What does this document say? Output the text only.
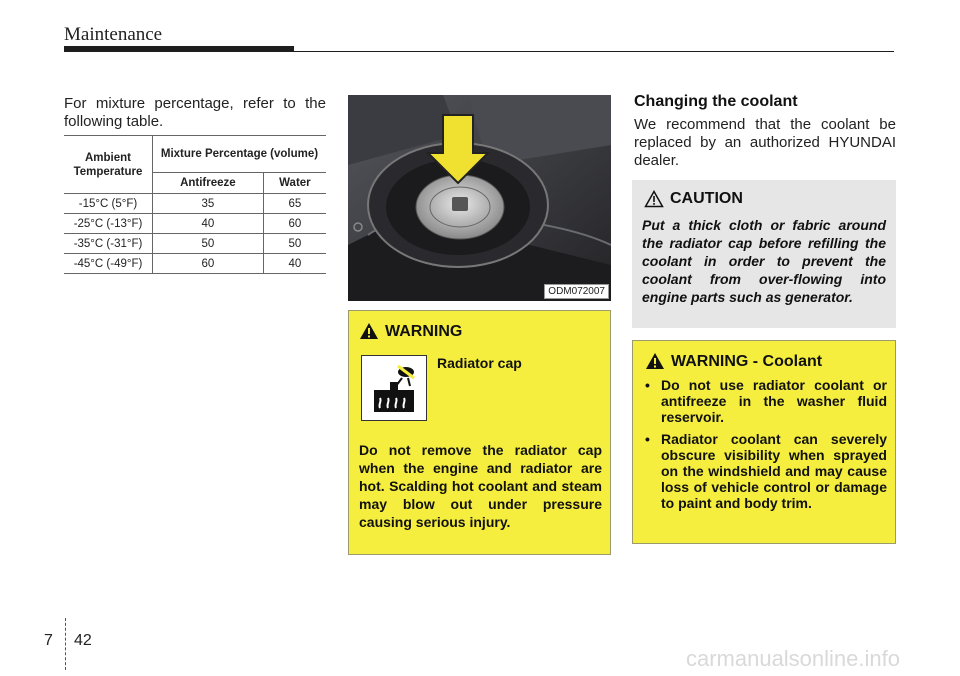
Maintenance
For mixture percentage, refer to the following table.
Ambient Temperature	Mixture Percentage (volume)	
	Antifreeze	Water
-15°C (5°F)	35	65
-25°C (-13°F)	40	60
-35°C (-31°F)	50	50
-45°C (-49°F)	60	40
ODM072007
WARNING
Radiator cap
Do not remove the radiator cap when the engine and radiator are hot. Scalding hot coolant and steam may blow out under pressure causing serious injury.
Changing the coolant
We recommend that the coolant be replaced by an authorized HYUNDAI dealer.
CAUTION
Put a thick cloth or fabric around the radiator cap before refilling the coolant in order to prevent the coolant from over-flowing into engine parts such as generator.
WARNING - Coolant
• Do not use radiator coolant or antifreeze in the washer fluid reservoir.
• Radiator coolant can severely obscure visibility when sprayed on the windshield and may cause loss of vehicle control or damage to paint and body trim.
7 42
carmanualsonline.info
